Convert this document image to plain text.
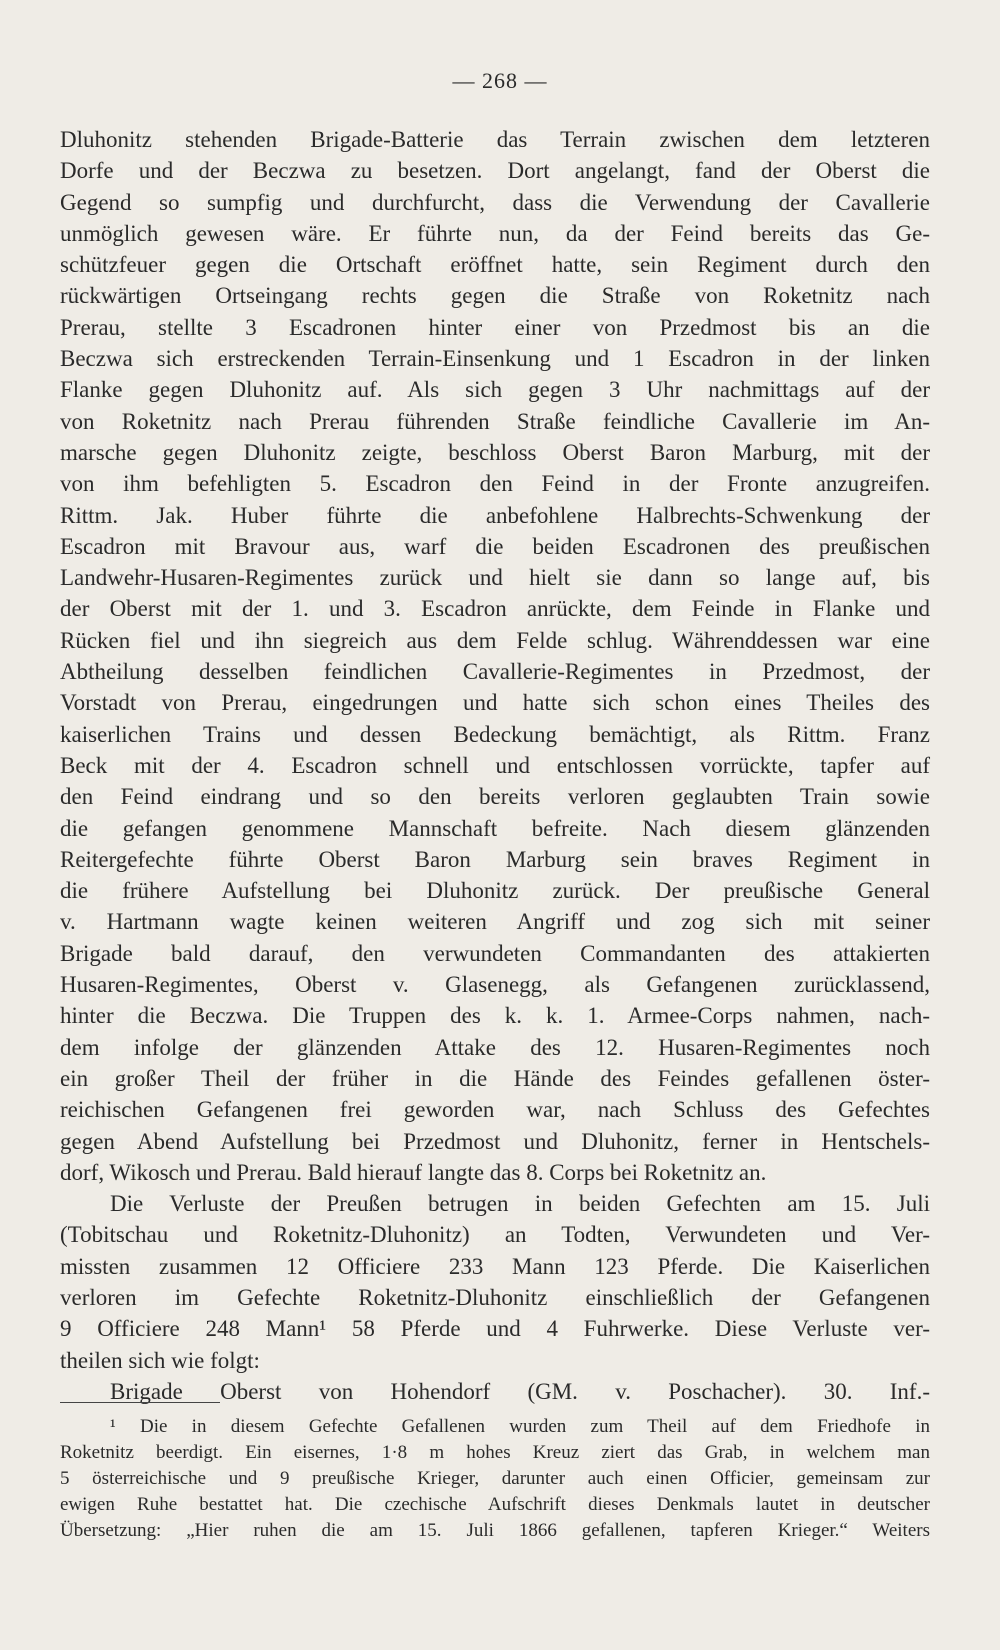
— 268 —
Dluhonitz stehenden Brigade-Batterie das Terrain zwischen dem letzteren
Dorfe und der Beczwa zu besetzen. Dort angelangt, fand der Oberst die
Gegend so sumpfig und durchfurcht, dass die Verwendung der Cavallerie
unmöglich gewesen wäre. Er führte nun, da der Feind bereits das Ge-
schützfeuer gegen die Ortschaft eröffnet hatte, sein Regiment durch den
rückwärtigen Ortseingang rechts gegen die Straße von Roketnitz nach
Prerau, stellte 3 Escadronen hinter einer von Przedmost bis an die
Beczwa sich erstreckenden Terrain-Einsenkung und 1 Escadron in der linken
Flanke gegen Dluhonitz auf. Als sich gegen 3 Uhr nachmittags auf der
von Roketnitz nach Prerau führenden Straße feindliche Cavallerie im An-
marsche gegen Dluhonitz zeigte, beschloss Oberst Baron Marburg, mit der
von ihm befehligten 5. Escadron den Feind in der Fronte anzugreifen.
Rittm. Jak. Huber führte die anbefohlene Halbrechts-Schwenkung der
Escadron mit Bravour aus, warf die beiden Escadronen des preußischen
Landwehr-Husaren-Regimentes zurück und hielt sie dann so lange auf, bis
der Oberst mit der 1. und 3. Escadron anrückte, dem Feinde in Flanke und
Rücken fiel und ihn siegreich aus dem Felde schlug. Währenddessen war eine
Abtheilung desselben feindlichen Cavallerie-Regimentes in Przedmost, der
Vorstadt von Prerau, eingedrungen und hatte sich schon eines Theiles des
kaiserlichen Trains und dessen Bedeckung bemächtigt, als Rittm. Franz
Beck mit der 4. Escadron schnell und entschlossen vorrückte, tapfer auf
den Feind eindrang und so den bereits verloren geglaubten Train sowie
die gefangen genommene Mannschaft befreite. Nach diesem glänzenden
Reitergefechte führte Oberst Baron Marburg sein braves Regiment in
die frühere Aufstellung bei Dluhonitz zurück. Der preußische General
v. Hartmann wagte keinen weiteren Angriff und zog sich mit seiner
Brigade bald darauf, den verwundeten Commandanten des attakierten
Husaren-Regimentes, Oberst v. Glasenegg, als Gefangenen zurücklassend,
hinter die Beczwa. Die Truppen des k. k. 1. Armee-Corps nahmen, nach-
dem infolge der glänzenden Attake des 12. Husaren-Regimentes noch
ein großer Theil der früher in die Hände des Feindes gefallenen öster-
reichischen Gefangenen frei geworden war, nach Schluss des Gefechtes
gegen Abend Aufstellung bei Przedmost und Dluhonitz, ferner in Hentschels-
dorf, Wikosch und Prerau. Bald hierauf langte das 8. Corps bei Roketnitz an.
Die Verluste der Preußen betrugen in beiden Gefechten am 15. Juli
(Tobitschau und Roketnitz-Dluhonitz) an Todten, Verwundeten und Ver-
missten zusammen 12 Officiere 233 Mann 123 Pferde. Die Kaiserlichen
verloren im Gefechte Roketnitz-Dluhonitz einschließlich der Gefangenen
9 Officiere 248 Mann¹ 58 Pferde und 4 Fuhrwerke. Diese Verluste ver-
theilen sich wie folgt:
Brigade Oberst von Hohendorf (GM. v. Poschacher). 30. Inf.-
¹ Die in diesem Gefechte Gefallenen wurden zum Theil auf dem Friedhofe in
Roketnitz beerdigt. Ein eisernes, 1·8 m hohes Kreuz ziert das Grab, in welchem man
5 österreichische und 9 preußische Krieger, darunter auch einen Officier, gemeinsam zur
ewigen Ruhe bestattet hat. Die czechische Aufschrift dieses Denkmals lautet in deutscher
Übersetzung: „Hier ruhen die am 15. Juli 1866 gefallenen, tapferen Krieger.“ Weiters
